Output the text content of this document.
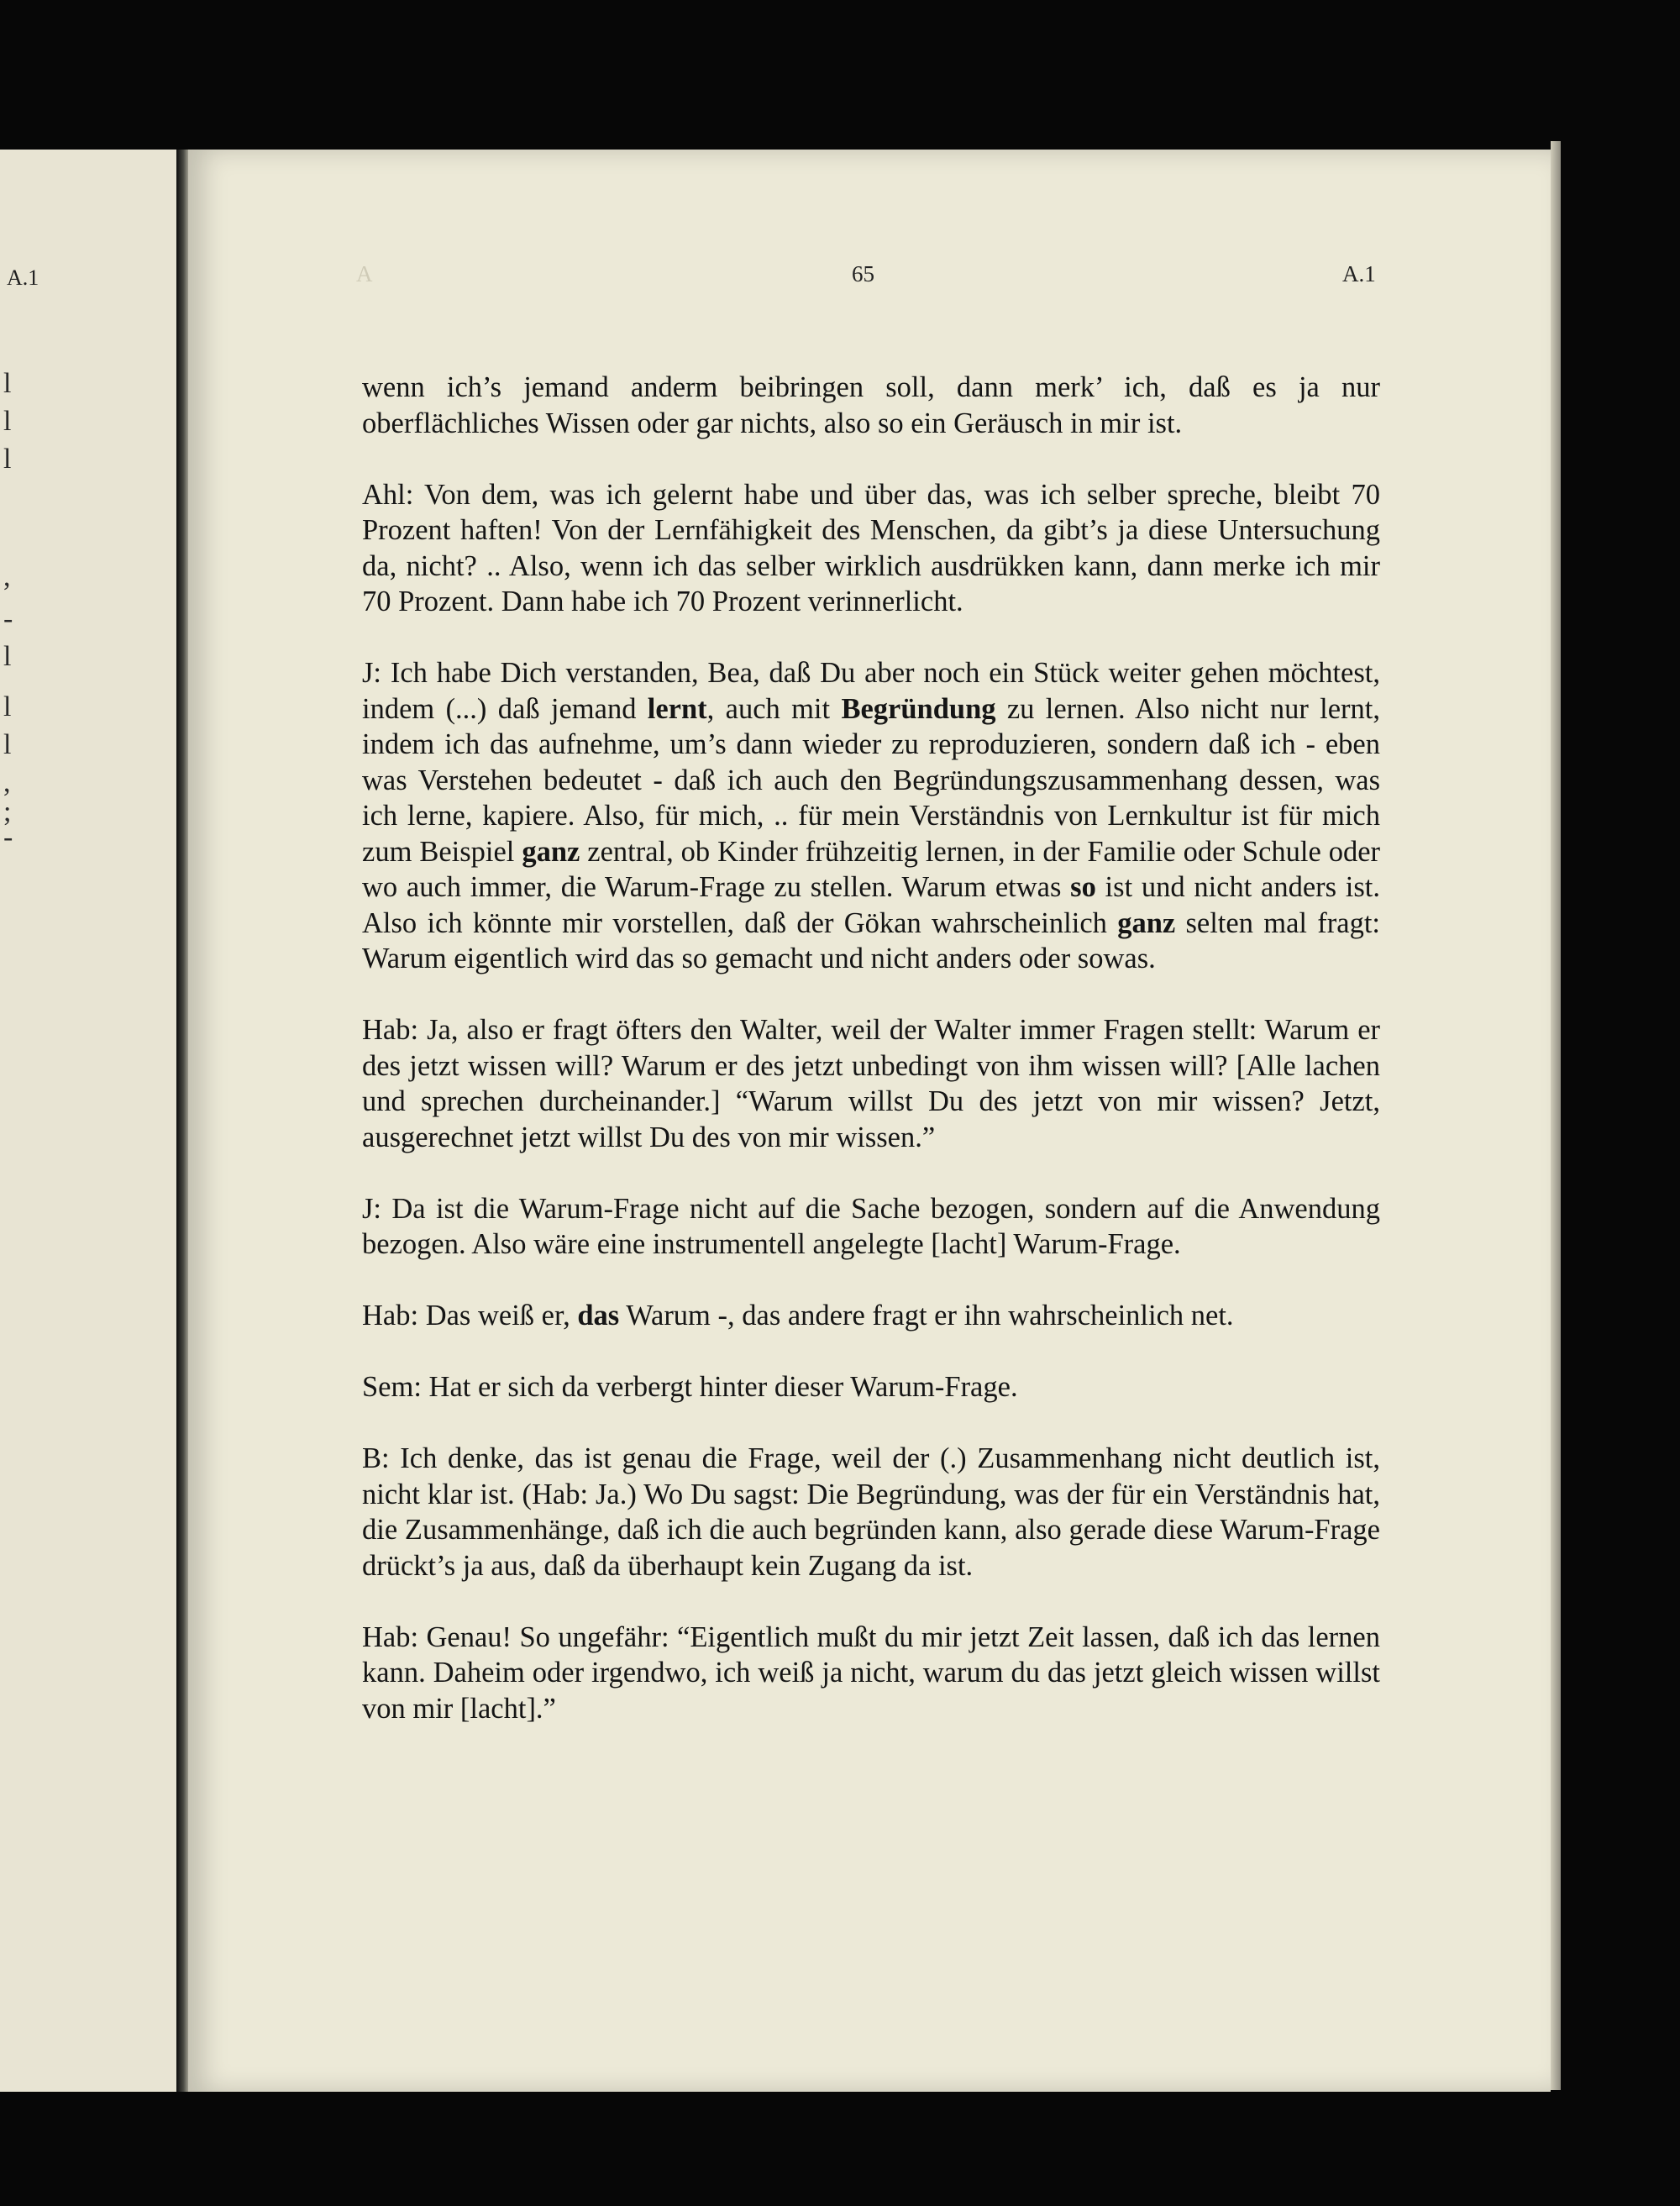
A.1
l
l
l
,
-
l
l
l
,
;
-
A	65	A.1

wenn ich’s jemand anderm beibringen soll, dann merk’ ich, daß es ja nur oberflächliches Wissen oder gar nichts, also so ein Geräusch in mir ist.

Ahl: Von dem, was ich gelernt habe und über das, was ich selber spreche, bleibt 70 Prozent haften! Von der Lernfähigkeit des Menschen, da gibt’s ja diese Untersuchung da, nicht? .. Also, wenn ich das selber wirklich ausdrükken kann, dann merke ich mir 70 Prozent. Dann habe ich 70 Prozent verinnerlicht.

J: Ich habe Dich verstanden, Bea, daß Du aber noch ein Stück weiter gehen möchtest, indem (...) daß jemand lernt, auch mit Begründung zu lernen. Also nicht nur lernt, indem ich das aufnehme, um’s dann wieder zu reproduzieren, sondern daß ich - eben was Verstehen bedeutet - daß ich auch den Begründungszusammenhang dessen, was ich lerne, kapiere. Also, für mich, .. für mein Verständnis von Lernkultur ist für mich zum Beispiel ganz zentral, ob Kinder frühzeitig lernen, in der Familie oder Schule oder wo auch immer, die Warum-Frage zu stellen. Warum etwas so ist und nicht anders ist. Also ich könnte mir vorstellen, daß der Gökan wahrscheinlich ganz selten mal fragt: Warum eigentlich wird das so gemacht und nicht anders oder sowas.

Hab: Ja, also er fragt öfters den Walter, weil der Walter immer Fragen stellt: Warum er des jetzt wissen will? Warum er des jetzt unbedingt von ihm wissen will? [Alle lachen und sprechen durcheinander.] “Warum willst Du des jetzt von mir wissen? Jetzt, ausgerechnet jetzt willst Du des von mir wissen.”

J: Da ist die Warum-Frage nicht auf die Sache bezogen, sondern auf die Anwendung bezogen. Also wäre eine instrumentell angelegte [lacht] Warum-Frage.

Hab: Das weiß er, das Warum -, das andere fragt er ihn wahrscheinlich net.

Sem: Hat er sich da verbergt hinter dieser Warum-Frage.

B: Ich denke, das ist genau die Frage, weil der (.) Zusammenhang nicht deutlich ist, nicht klar ist. (Hab: Ja.) Wo Du sagst: Die Begründung, was der für ein Verständnis hat, die Zusammenhänge, daß ich die auch begründen kann, also gerade diese Warum-Frage drückt’s ja aus, daß da überhaupt kein Zugang da ist.

Hab: Genau! So ungefähr: “Eigentlich mußt du mir jetzt Zeit lassen, daß ich das lernen kann. Daheim oder irgendwo, ich weiß ja nicht, warum du das jetzt gleich wissen willst von mir [lacht].”
